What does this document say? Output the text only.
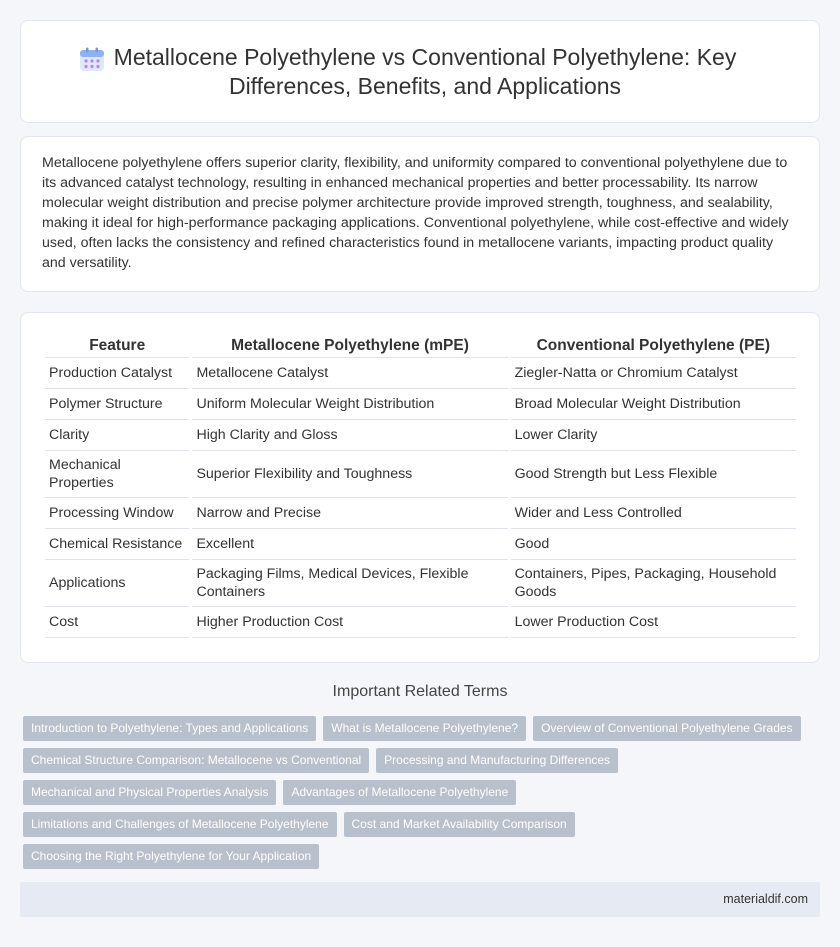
Metallocene Polyethylene vs Conventional Polyethylene: Key Differences, Benefits, and Applications

Metallocene polyethylene offers superior clarity, flexibility, and uniformity compared to conventional polyethylene due to its advanced catalyst technology, resulting in enhanced mechanical properties and better processability. Its narrow molecular weight distribution and precise polymer architecture provide improved strength, toughness, and sealability, making it ideal for high-performance packaging applications. Conventional polyethylene, while cost-effective and widely used, often lacks the consistency and refined characteristics found in metallocene variants, impacting product quality and versatility.

Feature	Metallocene Polyethylene (mPE)	Conventional Polyethylene (PE)
Production Catalyst	Metallocene Catalyst	Ziegler-Natta or Chromium Catalyst
Polymer Structure	Uniform Molecular Weight Distribution	Broad Molecular Weight Distribution
Clarity	High Clarity and Gloss	Lower Clarity
Mechanical Properties	Superior Flexibility and Toughness	Good Strength but Less Flexible
Processing Window	Narrow and Precise	Wider and Less Controlled
Chemical Resistance	Excellent	Good
Applications	Packaging Films, Medical Devices, Flexible Containers	Containers, Pipes, Packaging, Household Goods
Cost	Higher Production Cost	Lower Production Cost
Important Related Terms
Introduction to Polyethylene: Types and Applications	What is Metallocene Polyethylene?	Overview of Conventional Polyethylene Grades
Chemical Structure Comparison: Metallocene vs Conventional	Processing and Manufacturing Differences
Mechanical and Physical Properties Analysis	Advantages of Metallocene Polyethylene
Limitations and Challenges of Metallocene Polyethylene	Cost and Market Availability Comparison
Choosing the Right Polyethylene for Your Application
materialdif.com
